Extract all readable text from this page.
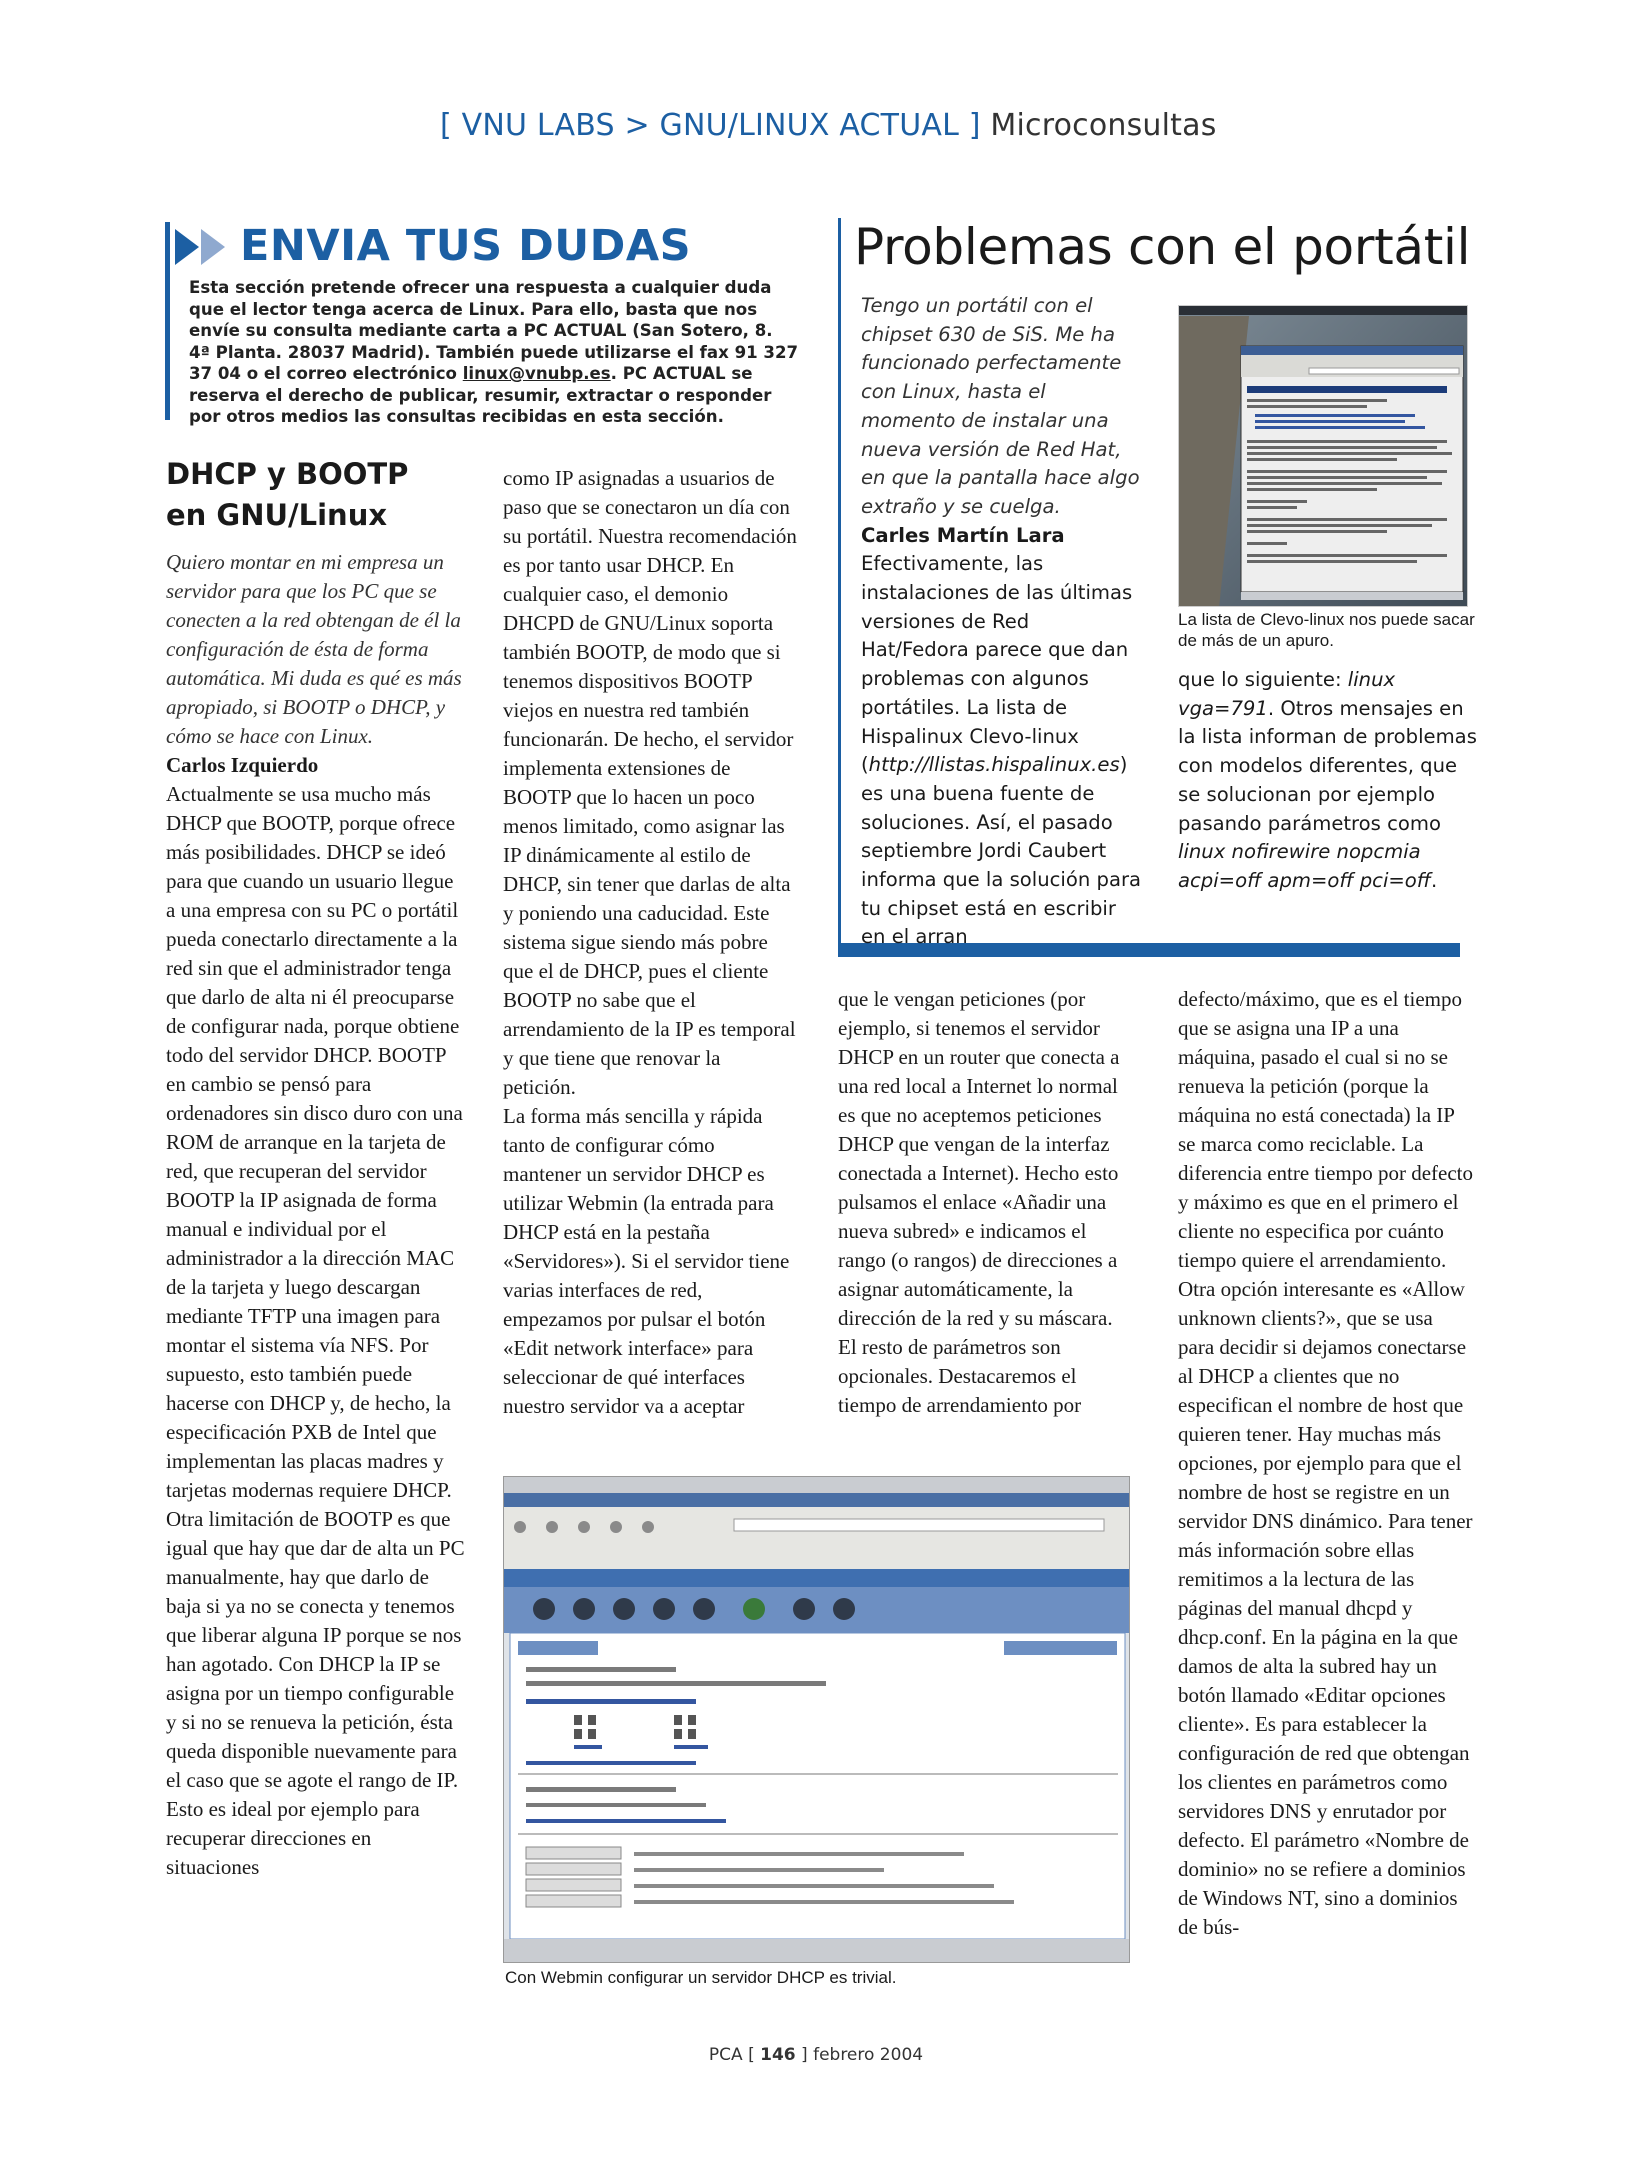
[ VNU LABS > GNU/LINUX ACTUAL ] Microconsultas
ENVIA TUS DUDAS
Esta sección pretende ofrecer una respuesta a cualquier duda que el lector tenga acerca de Linux. Para ello, basta que nos envíe su consulta mediante carta a PC ACTUAL (San Sotero, 8. 4ª Planta. 28037 Madrid). También puede utilizarse el fax 91 327 37 04 o el correo electrónico linux@vnubp.es. PC ACTUAL se reserva el derecho de publicar, resumir, extractar o responder por otros medios las consultas recibidas en esta sección.
DHCP y BOOTP
en GNU/Linux

Quiero montar en mi empresa un servidor para que los PC que se conecten a la red obtengan de él la configuración de ésta de forma automática. Mi duda es qué es más apropiado, si BOOTP o DHCP, y cómo se hace con Linux.

Carlos Izquierdo

Actualmente se usa mucho más DHCP que BOOTP, porque ofrece más posibilidades. DHCP se ideó para que cuando un usuario llegue a una empresa con su PC o portátil pueda conectarlo directamente a la red sin que el administrador tenga que darlo de alta ni él preocuparse de configurar nada, porque obtiene todo del servidor DHCP. BOOTP en cambio se pensó para ordenadores sin disco duro con una ROM de arranque en la tarjeta de red, que recuperan del servidor BOOTP la IP asignada de forma manual e individual por el administrador a la dirección MAC de la tarjeta y luego descargan mediante TFTP una imagen para montar el sistema vía NFS. Por supuesto, esto también puede hacerse con DHCP y, de hecho, la especificación PXB de Intel que implementan las placas madres y tarjetas modernas requiere DHCP. Otra limitación de BOOTP es que igual que hay que dar de alta un PC manualmente, hay que darlo de baja si ya no se conecta y tenemos que liberar alguna IP porque se nos han agotado. Con DHCP la IP se asigna por un tiempo configurable y si no se renueva la petición, ésta queda disponible nuevamente para el caso que se agote el rango de IP. Esto es ideal por ejemplo para recuperar direcciones en situaciones

como IP asignadas a usuarios de paso que se conectaron un día con su portátil. Nuestra recomendación es por tanto usar DHCP. En cualquier caso, el demonio DHCPD de GNU/Linux soporta también BOOTP, de modo que si tenemos dispositivos BOOTP viejos en nuestra red también funcionarán. De hecho, el servidor implementa extensiones de BOOTP que lo hacen un poco menos limitado, como asignar las IP dinámicamente al estilo de DHCP, sin tener que darlas de alta y poniendo una caducidad. Este sistema sigue siendo más pobre que el de DHCP, pues el cliente BOOTP no sabe que el arrendamiento de la IP es temporal y que tiene que renovar la petición.

La forma más sencilla y rápida tanto de configurar cómo mantener un servidor DHCP es utilizar Webmin (la entrada para DHCP está en la pestaña «Servidores»). Si el servidor tiene varias interfaces de red, empezamos por pulsar el botón «Edit network interface» para seleccionar de qué interfaces nuestro servidor va a aceptar

que le vengan peticiones (por ejemplo, si tenemos el servidor DHCP en un router que conecta a una red local a Internet lo normal es que no aceptemos peticiones DHCP que vengan de la interfaz conectada a Internet). Hecho esto pulsamos el enlace «Añadir una nueva subred» e indicamos el rango (o rangos) de direcciones a asignar automáticamente, la dirección de la red y su máscara. El resto de parámetros son opcionales. Destacaremos el tiempo de arrendamiento por

defecto/máximo, que es el tiempo que se asigna una IP a una máquina, pasado el cual si no se renueva la petición (porque la máquina no está conectada) la IP se marca como reciclable. La diferencia entre tiempo por defecto y máximo es que en el primero el cliente no especifica por cuánto tiempo quiere el arrendamiento. Otra opción interesante es «Allow unknown clients?», que se usa para decidir si dejamos conectarse al DHCP a clientes que no especifican el nombre de host que quieren tener. Hay muchas más opciones, por ejemplo para que el nombre de host se registre en un servidor DNS dinámico. Para tener más información sobre ellas remitimos a la lectura de las páginas del manual dhcpd y dhcp.conf. En la página en la que damos de alta la subred hay un botón llamado «Editar opciones cliente». Es para establecer la configuración de red que obtengan los clientes en parámetros como servidores DNS y enrutador por defecto. El parámetro «Nombre de dominio» no se refiere a dominios de Windows NT, sino a dominios de bús-

Con Webmin configurar un servidor DHCP es trivial.
Problemas con el portátil

Tengo un portátil con el chipset 630 de SiS. Me ha funcionado perfectamente con Linux, hasta el momento de instalar una nueva versión de Red Hat, en que la pantalla hace algo extraño y se cuelga.

Carles Martín Lara

Efectivamente, las instalaciones de las últimas versiones de Red Hat/Fedora parece que dan problemas con algunos portátiles. La lista de Hispalinux Clevo-linux (http://llistas.hispalinux.es) es una buena fuente de soluciones. Así, el pasado septiembre Jordi Caubert informa que la solución para tu chipset está en escribir en el arran

La lista de Clevo-linux nos puede sacar de más de un apuro.

que lo siguiente: linux vga=791. Otros mensajes en la lista informan de problemas con modelos diferentes, que se solucionan por ejemplo pasando parámetros como linux nofirewire nopcmia acpi=off apm=off pci=off.

PCA [ 146 ] febrero 2004
